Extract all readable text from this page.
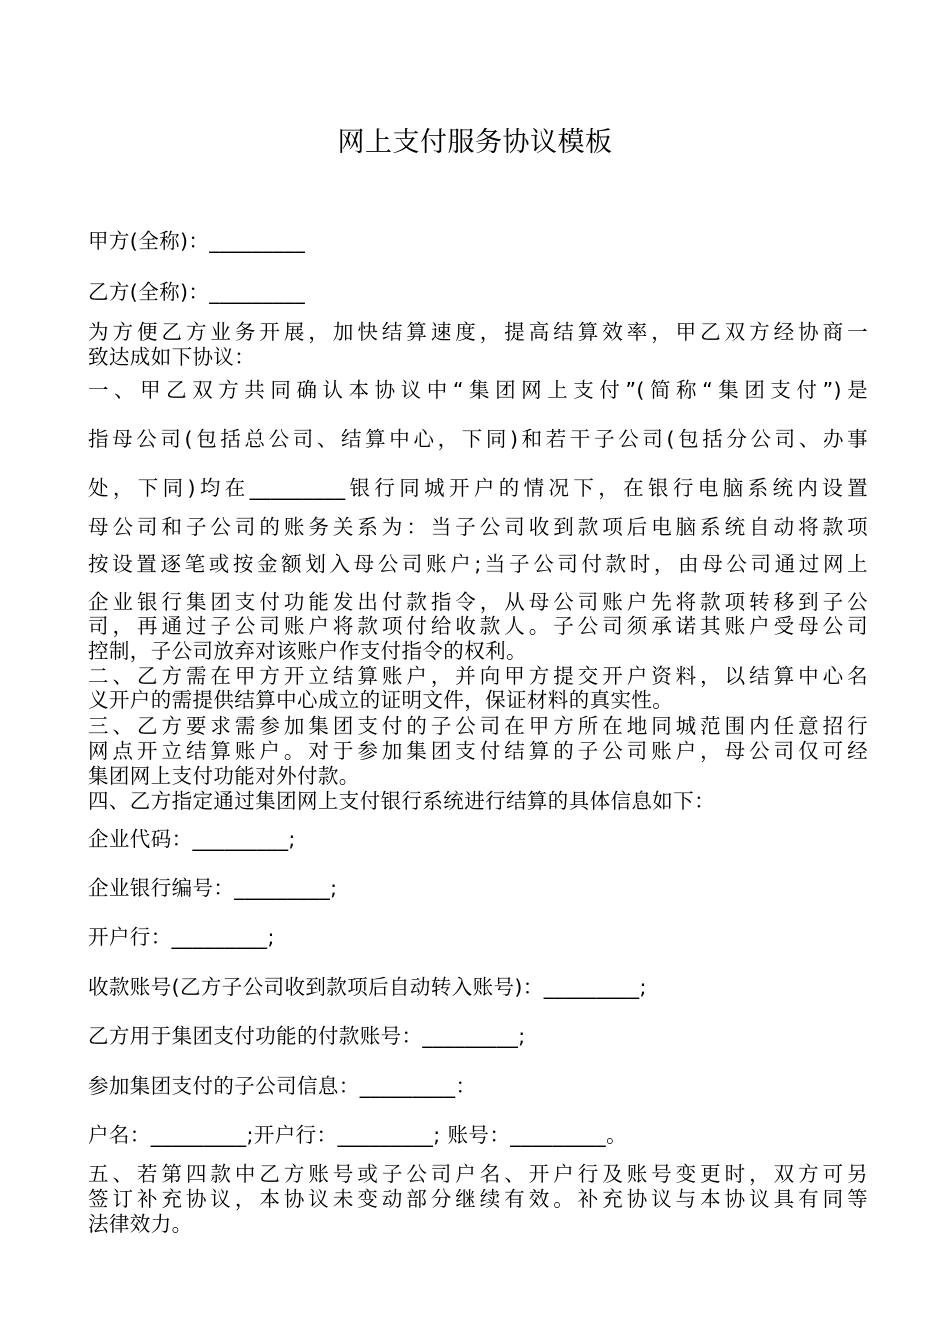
网上支付服务协议模板
甲方(全称)：_________
乙方(全称)：_________
为方便乙方业务开展，加快结算速度，提高结算效率，甲乙双方经协商一
致达成如下协议：
一、甲乙双方共同确认本协议中“集团网上支付”(简称“集团支付”)是
指母公司(包括总公司、结算中心，下同)和若干子公司(包括分公司、办事
处，下同)均在_________银行同城开户的情况下，在银行电脑系统内设置
母公司和子公司的账务关系为：当子公司收到款项后电脑系统自动将款项
按设置逐笔或按金额划入母公司账户;当子公司付款时，由母公司通过网上
企业银行集团支付功能发出付款指令，从母公司账户先将款项转移到子公
司，再通过子公司账户将款项付给收款人。子公司须承诺其账户受母公司
控制，子公司放弃对该账户作支付指令的权利。
二、乙方需在甲方开立结算账户，并向甲方提交开户资料，以结算中心名
义开户的需提供结算中心成立的证明文件，保证材料的真实性。
三、乙方要求需参加集团支付的子公司在甲方所在地同城范围内任意招行
网点开立结算账户。对于参加集团支付结算的子公司账户，母公司仅可经
集团网上支付功能对外付款。
四、乙方指定通过集团网上支付银行系统进行结算的具体信息如下：
企业代码：_________;
企业银行编号：_________;
开户行：_________;
收款账号(乙方子公司收到款项后自动转入账号)：_________;
乙方用于集团支付功能的付款账号：_________;
参加集团支付的子公司信息：_________：
户名：_________;开户行：_________; 账号：_________。
五、若第四款中乙方账号或子公司户名、开户行及账号变更时，双方可另
签订补充协议，本协议未变动部分继续有效。补充协议与本协议具有同等
法律效力。
